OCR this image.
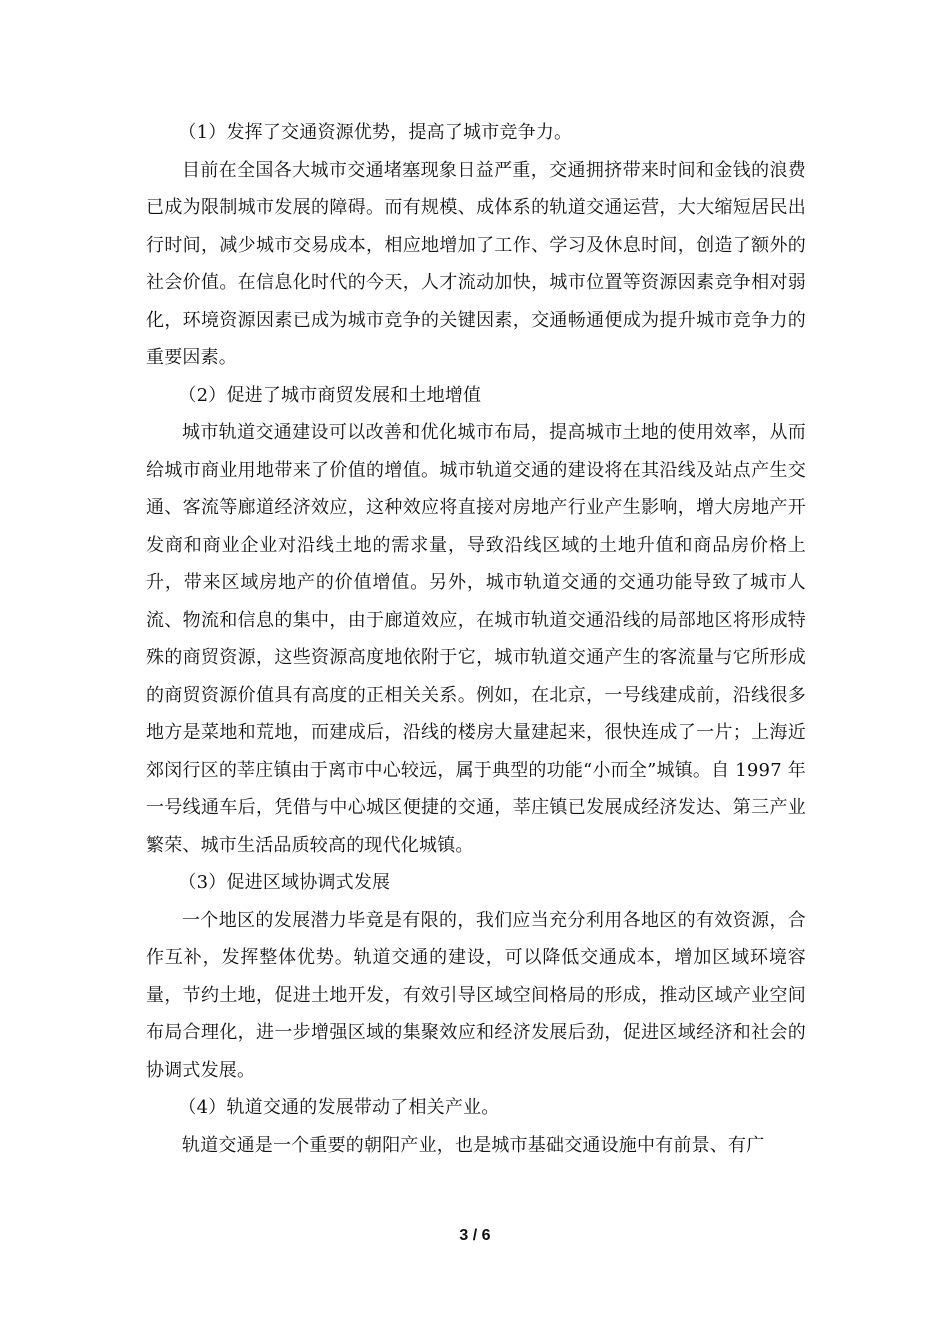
（1）发挥了交通资源优势，提高了城市竞争力。

目前在全国各大城市交通堵塞现象日益严重，交通拥挤带来时间和金钱的浪费已成为限制城市发展的障碍。而有规模、成体系的轨道交通运营，大大缩短居民出行时间，减少城市交易成本，相应地增加了工作、学习及休息时间，创造了额外的社会价值。在信息化时代的今天，人才流动加快，城市位置等资源因素竞争相对弱化，环境资源因素已成为城市竞争的关键因素，交通畅通便成为提升城市竞争力的重要因素。

（2）促进了城市商贸发展和土地增值

城市轨道交通建设可以改善和优化城市布局，提高城市土地的使用效率，从而给城市商业用地带来了价值的增值。城市轨道交通的建设将在其沿线及站点产生交通、客流等廊道经济效应，这种效应将直接对房地产行业产生影响，增大房地产开发商和商业企业对沿线土地的需求量，导致沿线区域的土地升值和商品房价格上升，带来区域房地产的价值增值。另外，城市轨道交通的交通功能导致了城市人流、物流和信息的集中，由于廊道效应，在城市轨道交通沿线的局部地区将形成特殊的商贸资源，这些资源高度地依附于它，城市轨道交通产生的客流量与它所形成的商贸资源价值具有高度的正相关关系。例如，在北京，一号线建成前，沿线很多地方是菜地和荒地，而建成后，沿线的楼房大量建起来，很快连成了一片；上海近郊闵行区的莘庄镇由于离市中心较远，属于典型的功能“小而全”城镇。自 1997 年一号线通车后，凭借与中心城区便捷的交通，莘庄镇已发展成经济发达、第三产业繁荣、城市生活品质较高的现代化城镇。

（3）促进区域协调式发展

一个地区的发展潜力毕竟是有限的，我们应当充分利用各地区的有效资源，合作互补，发挥整体优势。轨道交通的建设，可以降低交通成本，增加区域环境容量，节约土地，促进土地开发，有效引导区域空间格局的形成，推动区域产业空间布局合理化，进一步增强区域的集聚效应和经济发展后劲，促进区域经济和社会的协调式发展。

（4）轨道交通的发展带动了相关产业。

轨道交通是一个重要的朝阳产业，也是城市基础交通设施中有前景、有广

3 / 6
